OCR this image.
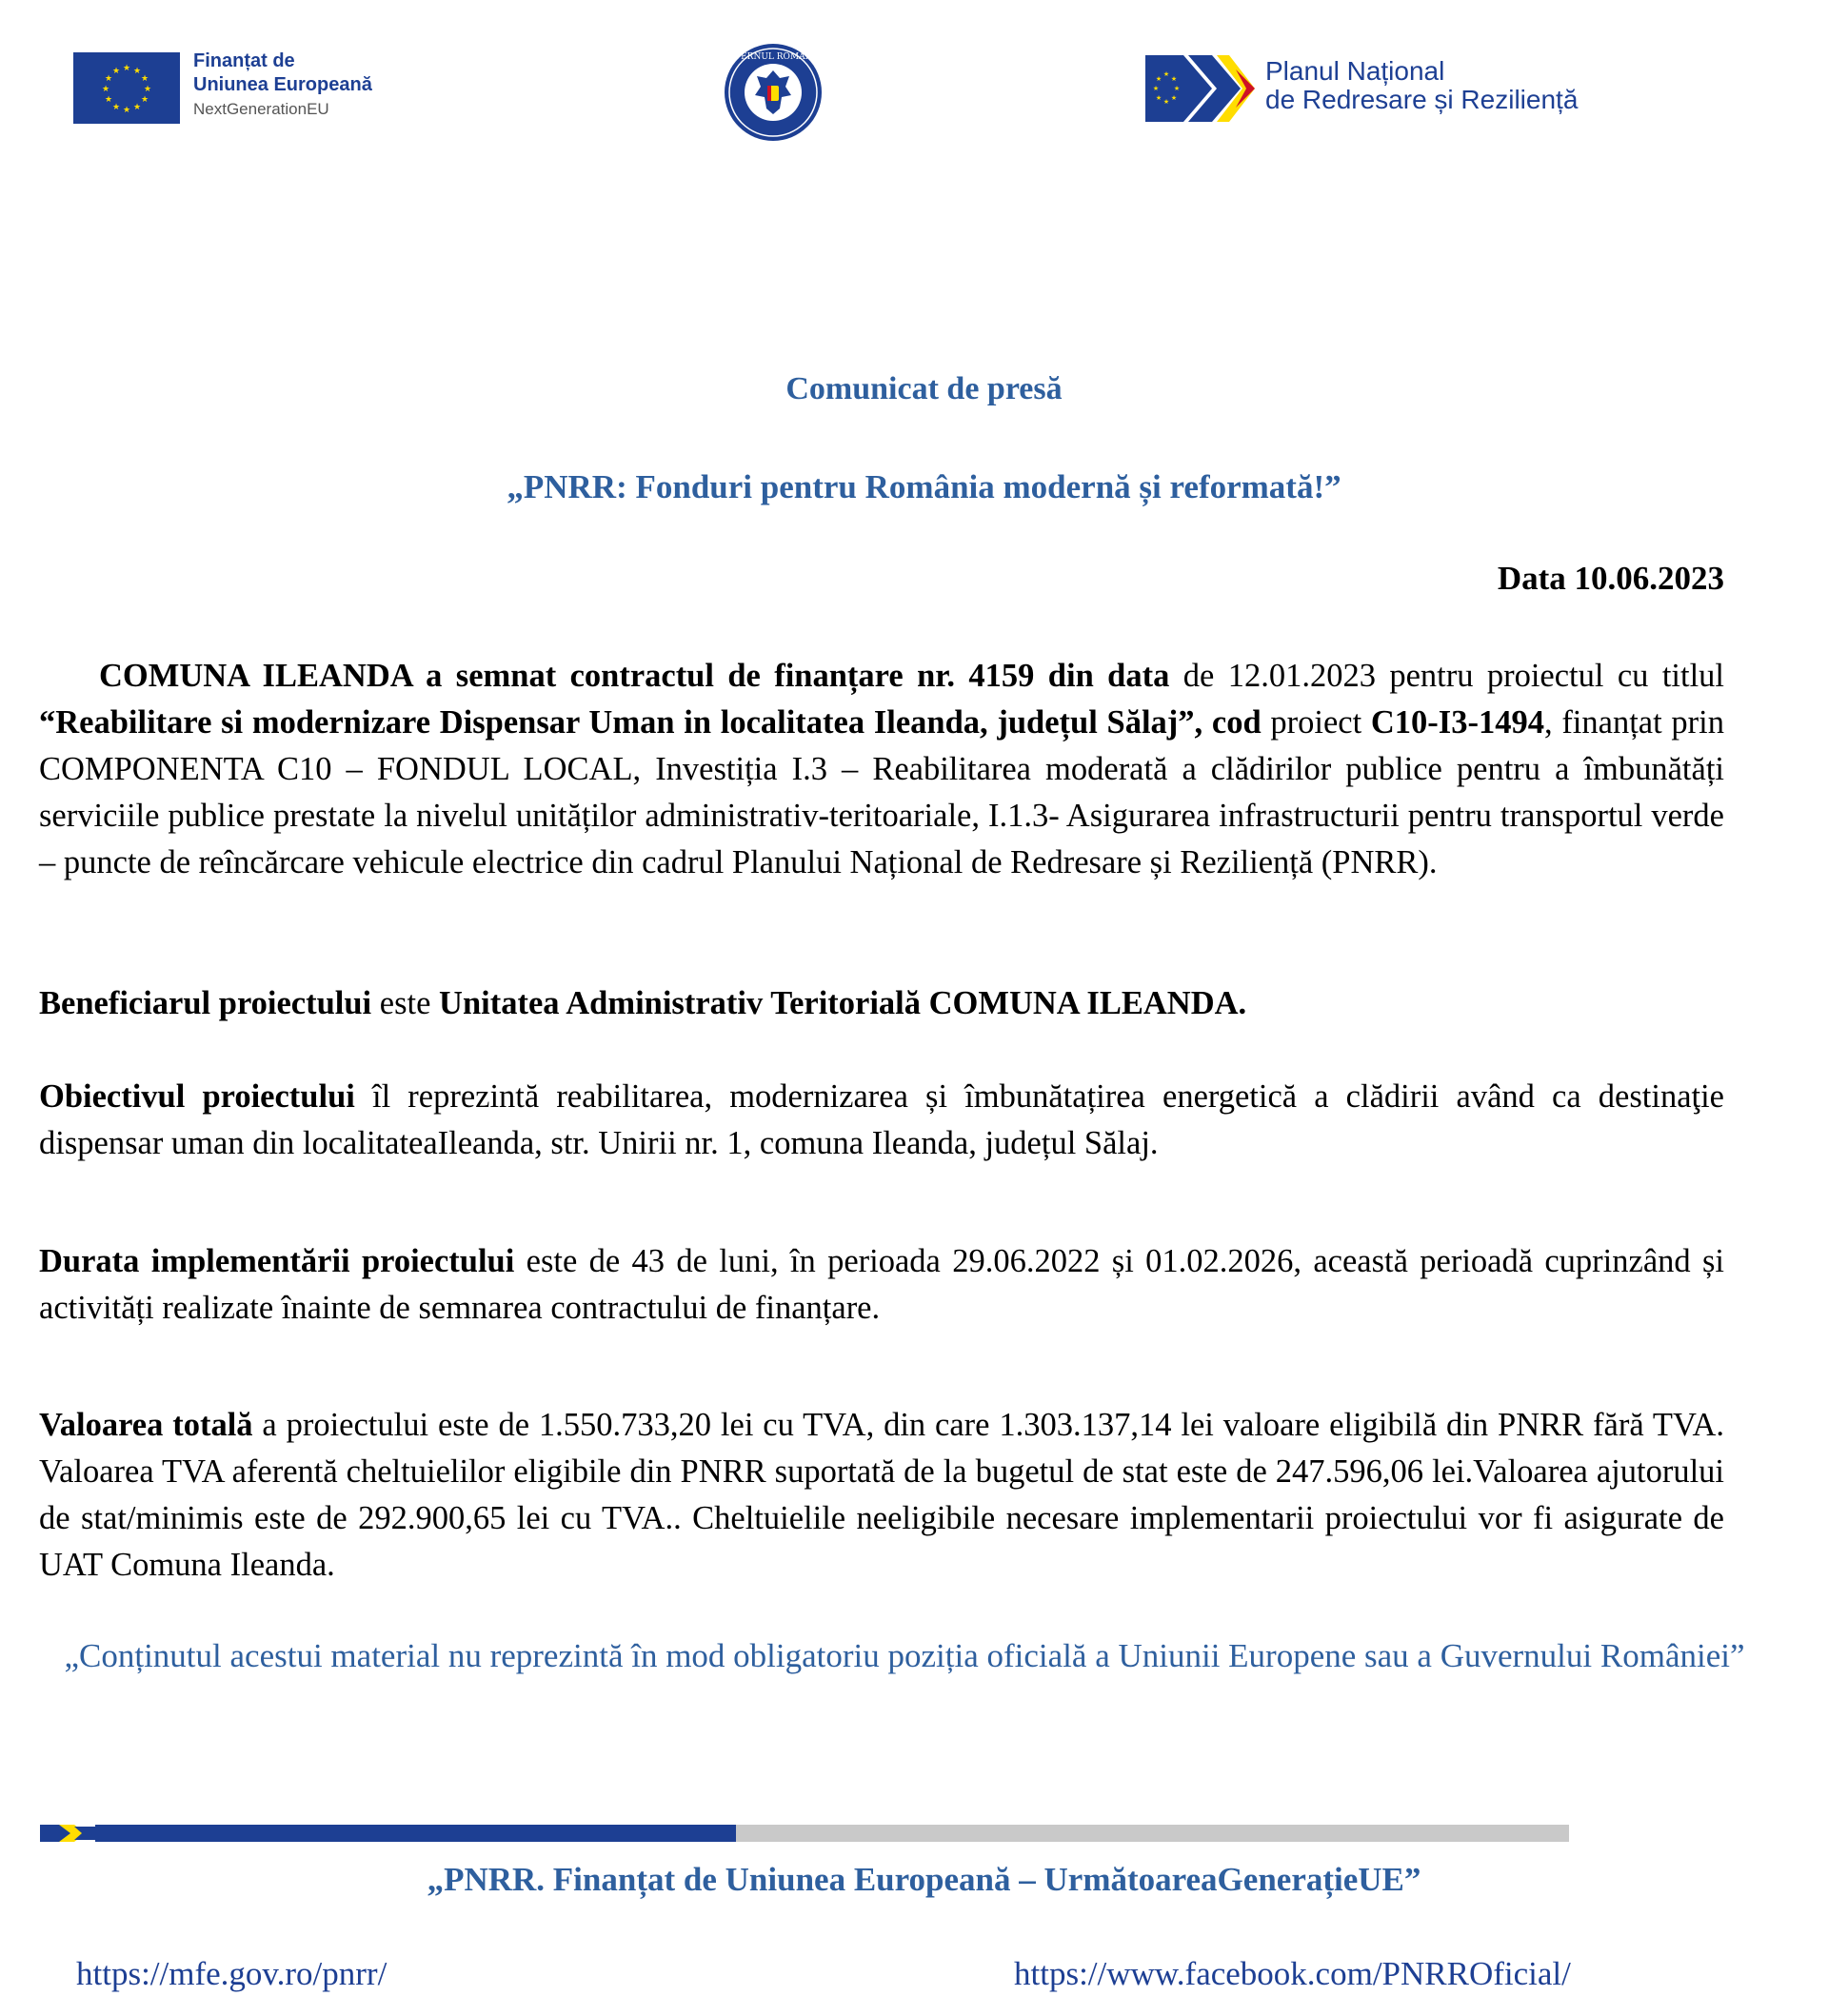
★ ★
★
★
★
★
★
★
★
★
★
★	Finanțat de
Uniunea Europeană
NextGenerationEU
GUVERNUL ROMÂNIEI
★
★
★
★
★
★
★
★	Planul Național
de Redresare și Reziliență
Comunicat de presă
„PNRR: Fonduri pentru România modernă și reformată!”
Data 10.06.2023
COMUNA ILEANDA a semnat contractul de finanțare nr. 4159 din data de 12.01.2023 pentru proiectul cu titlul “Reabilitare si modernizare Dispensar Uman in localitatea Ileanda, județul Sălaj”, cod proiect C10-I3-1494, finanțat prin COMPONENTA C10 – FONDUL LOCAL, Investiția I.3 – Reabilitarea moderată a clădirilor publice pentru a îmbunătăți serviciile publice prestate la nivelul unităților administrativ-teritoariale, I.1.3- Asigurarea infrastructurii pentru transportul verde – puncte de reîncărcare vehicule electrice din cadrul Planului Național de Redresare și Reziliență (PNRR).
Beneficiarul proiectului este Unitatea Administrativ Teritorială COMUNA ILEANDA.
Obiectivul proiectului îl reprezintă reabilitarea, modernizarea și îmbunătațirea energetică a clădirii având ca destinaţie dispensar uman din localitateaIleanda, str. Unirii nr. 1, comuna Ileanda, județul Sălaj.
Durata implementării proiectului este de 43 de luni, în perioada 29.06.2022 și 01.02.2026, această perioadă cuprinzând și activități realizate înainte de semnarea contractului de finanțare.
Valoarea totală a proiectului este de 1.550.733,20 lei cu TVA, din care 1.303.137,14 lei valoare eligibilă din PNRR fără TVA. Valoarea TVA aferentă cheltuielilor eligibile din PNRR suportată de la bugetul de stat este de 247.596,06 lei.Valoarea ajutorului de stat/minimis este de 292.900,65 lei cu TVA.. Cheltuielile neeligibile necesare implementarii proiectului vor fi asigurate de UAT Comuna Ileanda.
„Conținutul acestui material nu reprezintă în mod obligatoriu poziția oficială a Uniunii Europene sau a Guvernului României”
„PNRR. Finanțat de Uniunea Europeană – UrmătoareaGenerațieUE”
https://mfe.gov.ro/pnrr/	https://www.facebook.com/PNRROficial/
